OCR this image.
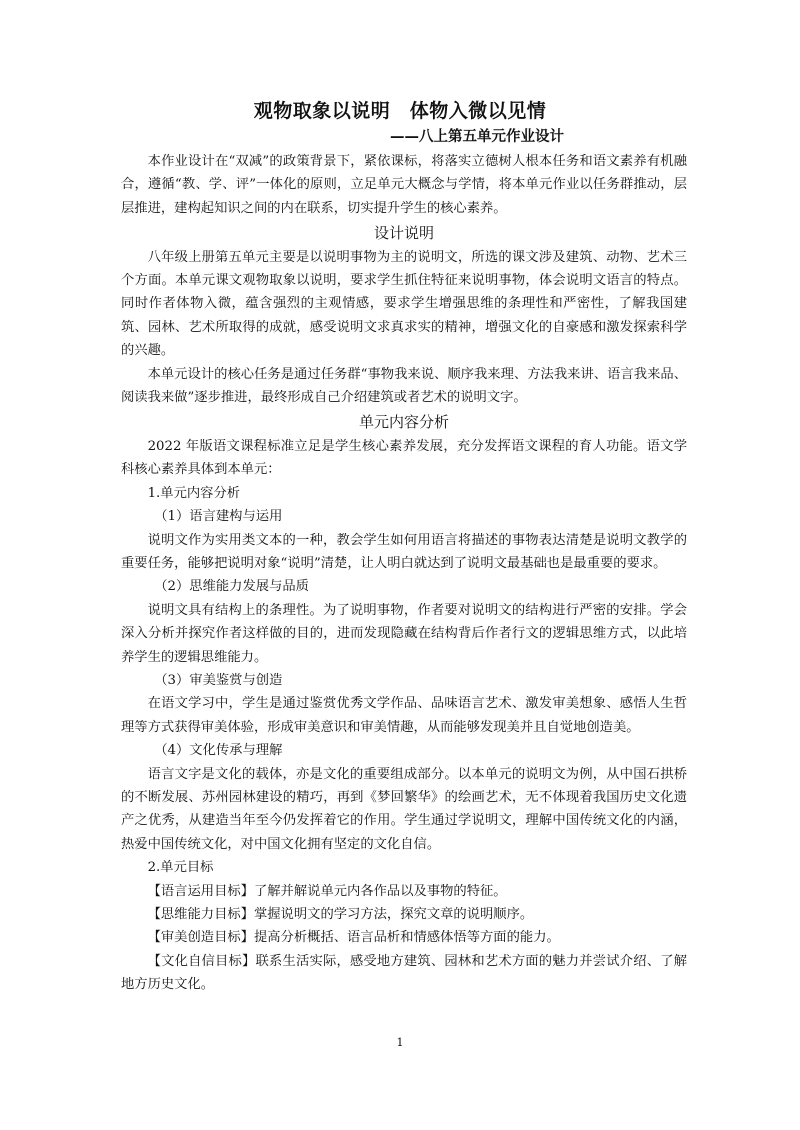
观物取象以说明　体物入微以见情
——八上第五单元作业设计

本作业设计在“双减”的政策背景下，紧依课标，将落实立德树人根本任务和语文素养有机融合，遵循“教、学、评”一体化的原则，立足单元大概念与学情，将本单元作业以任务群推动，层层推进，建构起知识之间的内在联系，切实提升学生的核心素养。

设计说明

八年级上册第五单元主要是以说明事物为主的说明文，所选的课文涉及建筑、动物、艺术三个方面。本单元课文观物取象以说明，要求学生抓住特征来说明事物，体会说明文语言的特点。同时作者体物入微，蕴含强烈的主观情感，要求学生增强思维的条理性和严密性，了解我国建筑、园林、艺术所取得的成就，感受说明文求真求实的精神，增强文化的自豪感和激发探索科学的兴趣。

本单元设计的核心任务是通过任务群“事物我来说、顺序我来理、方法我来讲、语言我来品、阅读我来做”逐步推进，最终形成自己介绍建筑或者艺术的说明文字。

单元内容分析

2022 年版语文课程标准立足是学生核心素养发展，充分发挥语文课程的育人功能。语文学科核心素养具体到本单元：

1.单元内容分析

（1）语言建构与运用

说明文作为实用类文本的一种，教会学生如何用语言将描述的事物表达清楚是说明文教学的重要任务，能够把说明对象“说明”清楚，让人明白就达到了说明文最基础也是最重要的要求。

（2）思维能力发展与品质

说明文具有结构上的条理性。为了说明事物，作者要对说明文的结构进行严密的安排。学会深入分析并探究作者这样做的目的，进而发现隐藏在结构背后作者行文的逻辑思维方式，以此培养学生的逻辑思维能力。

（3）审美鉴赏与创造

在语文学习中，学生是通过鉴赏优秀文学作品、品味语言艺术、激发审美想象、感悟人生哲理等方式获得审美体验，形成审美意识和审美情趣，从而能够发现美并且自觉地创造美。

（4）文化传承与理解

语言文字是文化的载体，亦是文化的重要组成部分。以本单元的说明文为例，从中国石拱桥的不断发展、苏州园林建设的精巧，再到《梦回繁华》的绘画艺术，无不体现着我国历史文化遗产之优秀，从建造当年至今仍发挥着它的作用。学生通过学说明文，理解中国传统文化的内涵，热爱中国传统文化，对中国文化拥有坚定的文化自信。

2.单元目标

【语言运用目标】了解并解说单元内各作品以及事物的特征。

【思维能力目标】掌握说明文的学习方法，探究文章的说明顺序。

【审美创造目标】提高分析概括、语言品析和情感体悟等方面的能力。

【文化自信目标】联系生活实际，感受地方建筑、园林和艺术方面的魅力并尝试介绍、了解地方历史文化。

1
